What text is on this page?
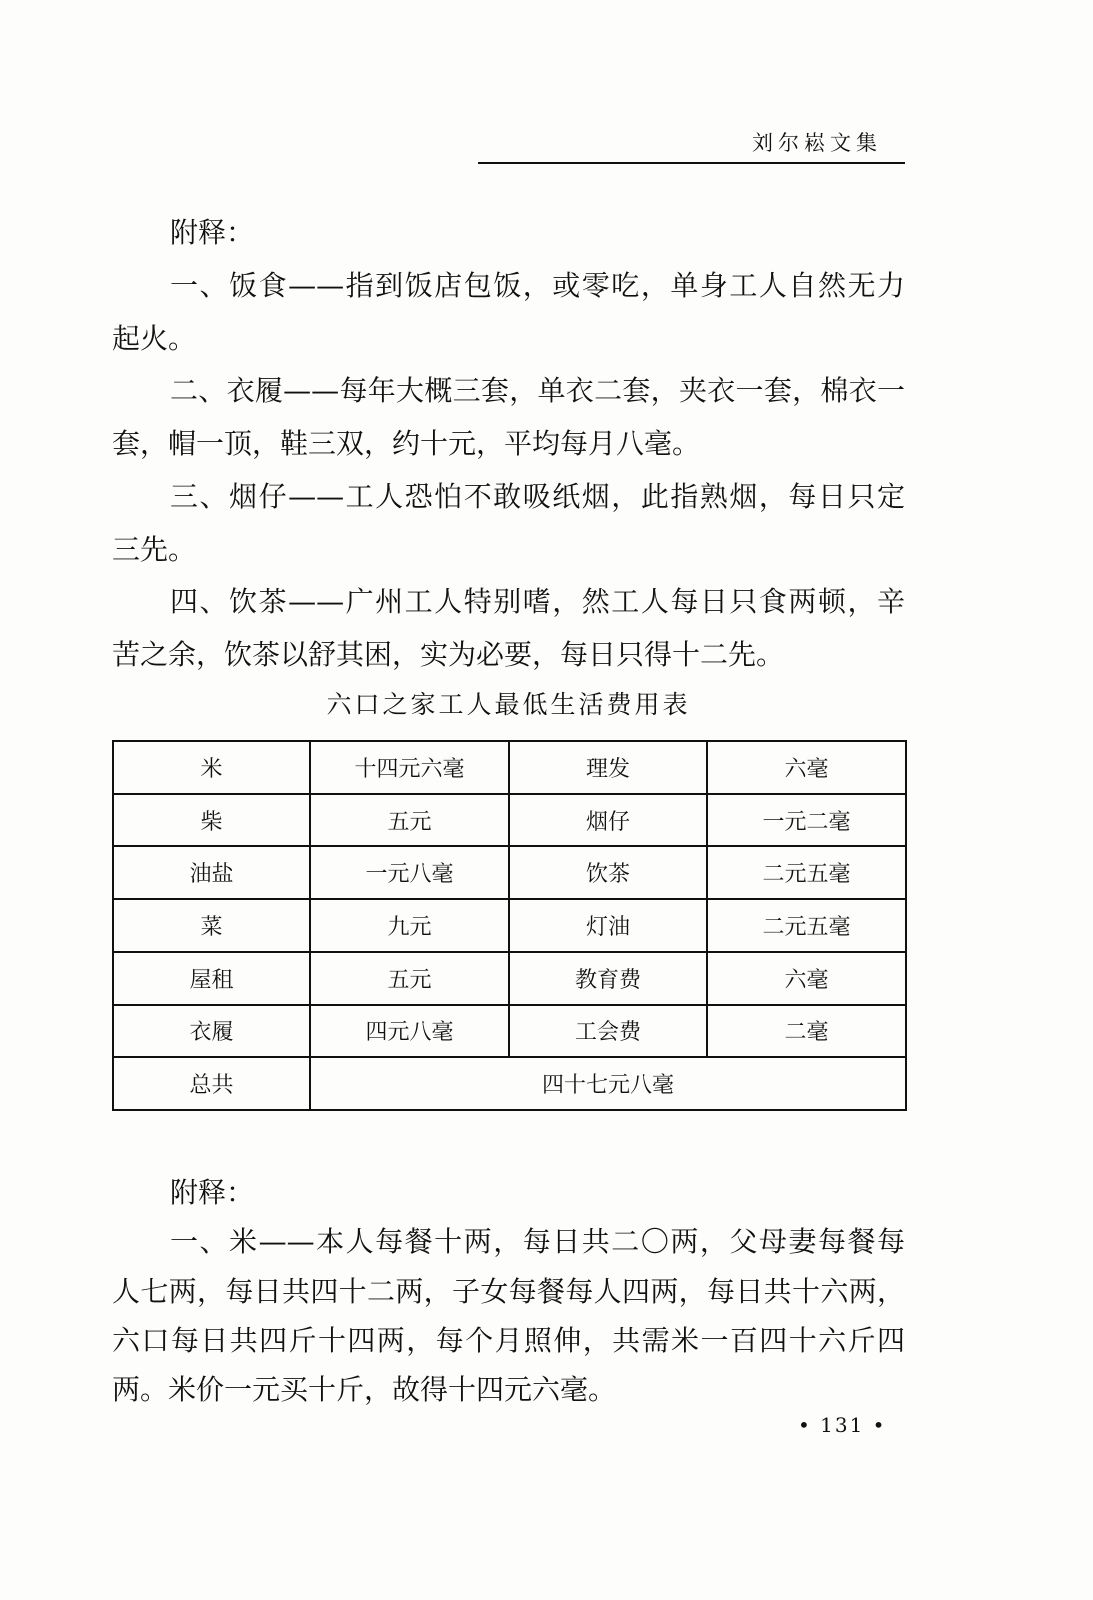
刘尔崧文集
附释：
一、饭食——指到饭店包饭，或零吃，单身工人自然无力
起火。
二、衣履——每年大概三套，单衣二套，夹衣一套，棉衣一
套，帽一顶，鞋三双，约十元，平均每月八毫。
三、烟仔——工人恐怕不敢吸纸烟，此指熟烟，每日只定
三先。
四、饮茶——广州工人特别嗜，然工人每日只食两顿，辛
苦之余，饮茶以舒其困，实为必要，每日只得十二先。
六口之家工人最低生活费用表
米	十四元六毫	理发	六毫
柴	五元	烟仔	一元二毫
油盐	一元八毫	饮茶	二元五毫
菜	九元	灯油	二元五毫
屋租	五元	教育费	六毫
衣履	四元八毫	工会费	二毫
总共	四十七元八毫		
附释：
一、米——本人每餐十两，每日共二〇两，父母妻每餐每
人七两，每日共四十二两，子女每餐每人四两，每日共十六两，
六口每日共四斤十四两，每个月照伸，共需米一百四十六斤四
两。米价一元买十斤，故得十四元六毫。
• 131 •
